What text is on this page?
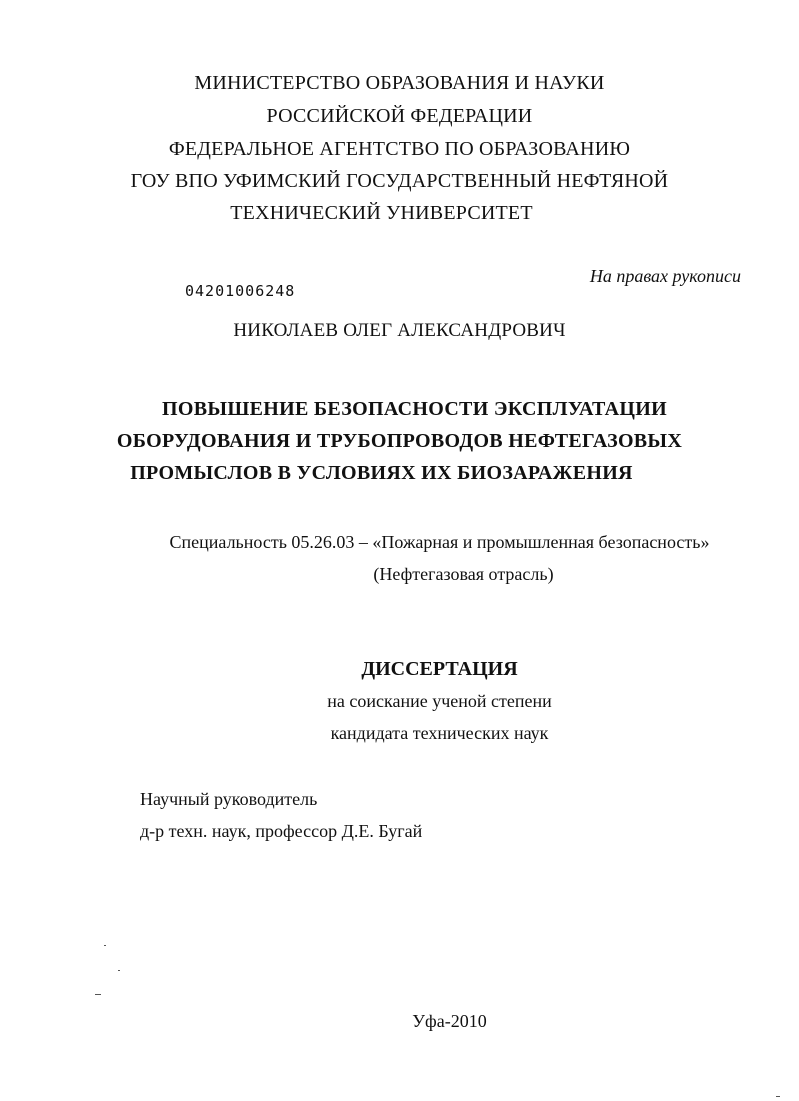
МИНИСТЕРСТВО ОБРАЗОВАНИЯ И НАУКИ
РОССИЙСКОЙ ФЕДЕРАЦИИ
ФЕДЕРАЛЬНОЕ АГЕНТСТВО ПО ОБРАЗОВАНИЮ
ГОУ ВПО УФИМСКИЙ ГОСУДАРСТВЕННЫЙ НЕФТЯНОЙ
ТЕХНИЧЕСКИЙ УНИВЕРСИТЕТ
На правах рукописи
04201006248
НИКОЛАЕВ ОЛЕГ АЛЕКСАНДРОВИЧ
ПОВЫШЕНИЕ БЕЗОПАСНОСТИ ЭКСПЛУАТАЦИИ
ОБОРУДОВАНИЯ И ТРУБОПРОВОДОВ НЕФТЕГАЗОВЫХ
ПРОМЫСЛОВ В УСЛОВИЯХ ИХ БИОЗАРАЖЕНИЯ
Специальность 05.26.03 – «Пожарная и промышленная безопасность»
(Нефтегазовая отрасль)
ДИССЕРТАЦИЯ
на соискание ученой степени
кандидата технических наук
Научный руководитель
д-р техн. наук, профессор Д.Е. Бугай
Уфа-2010
